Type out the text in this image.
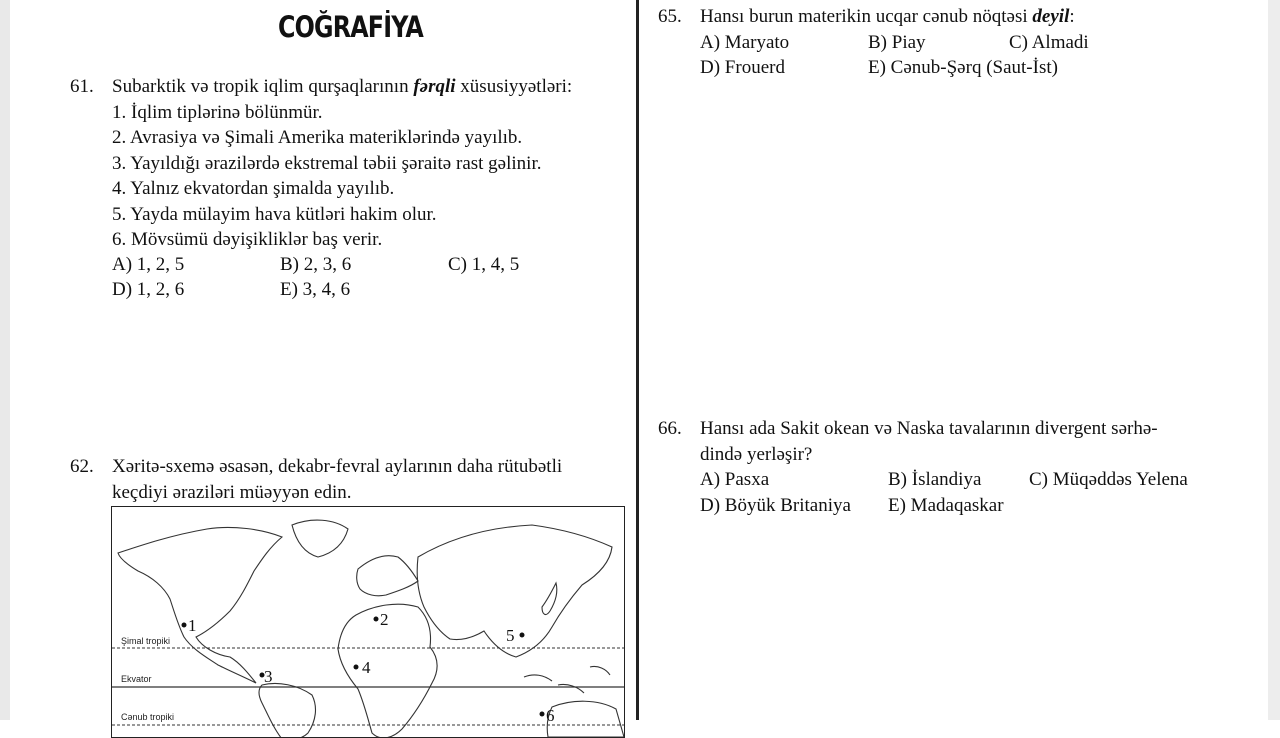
COĞRAFİYA
61. Subarktik və tropik iqlim qurşaqlarının fərqli xüsusiyyətləri:
1. İqlim tiplərinə bölünmür.
2. Avrasiya və Şimali Amerika materiklərində yayılıb.
3. Yayıldığı ərazilərdə ekstremal təbii şəraitə rast gəlinir.
4. Yalnız ekvatordan şimalda yayılıb.
5. Yayda mülayim hava kütləri hakim olur.
6. Mövsümü dəyişikliklər baş verir.
A) 1, 2, 5	B) 2, 3, 6	C) 1, 4, 5
D) 1, 2, 6	E) 3, 4, 6
62. Xəritə-sxemə əsasən, dekabr-fevral aylarının daha rütubətli
keçdiyi əraziləri müəyyən edin.
Şimal tropiki
Ekvator
Cənub tropiki
1	2
3	4
5
6
65. Hansı burun materikin ucqar cənub nöqtəsi deyil:
A) Maryato	B) Piay	C) Almadi
D) Frouerd	E) Cənub-Şərq (Saut-İst)
66. Hansı ada Sakit okean və Naska tavalarının divergent sərhə-
dində yerləşir?
A) Pasxa	B) İslandiya	C) Müqəddəs Yelena
D) Böyük Britaniya E) Madaqaskar
